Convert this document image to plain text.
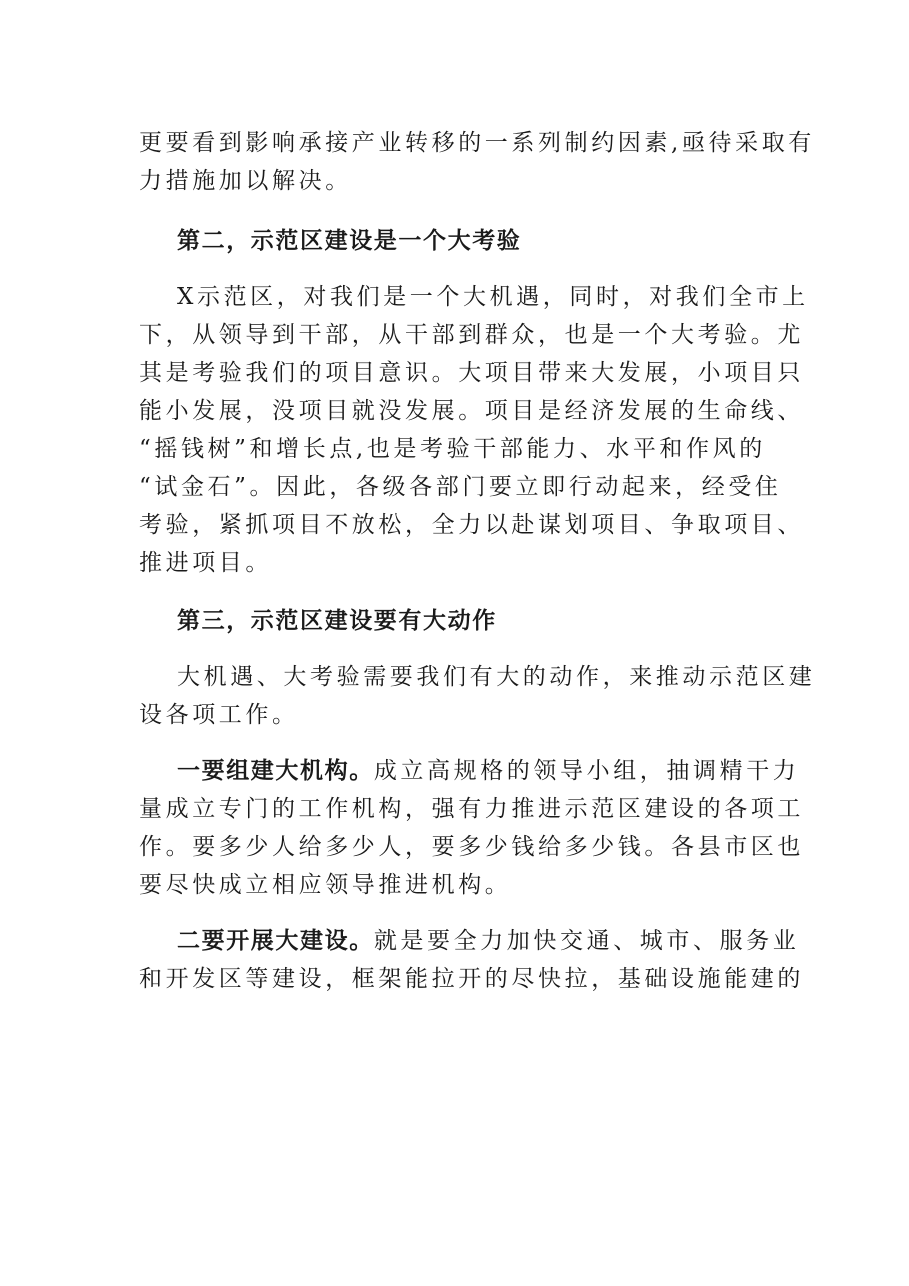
更要看到影响承接产业转移的一系列制约因素,亟待采取有
力措施加以解决。
第二，示范区建设是一个大考验
X示范区，对我们是一个大机遇，同时，对我们全市上
下，从领导到干部，从干部到群众，也是一个大考验。尤
其是考验我们的项目意识。大项目带来大发展，小项目只
能小发展，没项目就没发展。项目是经济发展的生命线、
“摇钱树”和增长点,也是考验干部能力、水平和作风的
“试金石”。因此，各级各部门要立即行动起来，经受住
考验，紧抓项目不放松，全力以赴谋划项目、争取项目、
推进项目。
第三，示范区建设要有大动作
大机遇、大考验需要我们有大的动作，来推动示范区建
设各项工作。
一要组建大机构。成立高规格的领导小组，抽调精干力
量成立专门的工作机构，强有力推进示范区建设的各项工
作。要多少人给多少人，要多少钱给多少钱。各县市区也
要尽快成立相应领导推进机构。
二要开展大建设。就是要全力加快交通、城市、服务业
和开发区等建设，框架能拉开的尽快拉，基础设施能建的
